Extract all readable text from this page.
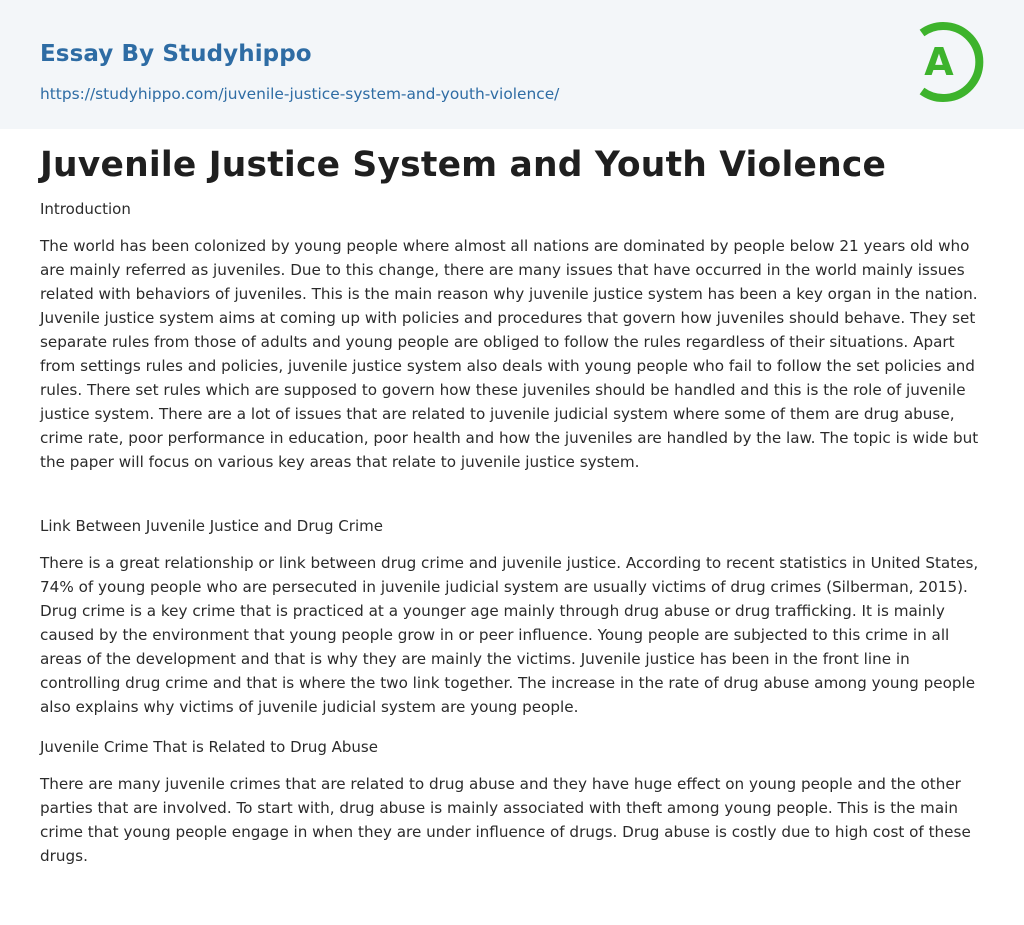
Essay By Studyhippo
https://studyhippo.com/juvenile-justice-system-and-youth-violence/
A
Juvenile Justice System and Youth Violence
Introduction

The world has been colonized by young people where almost all nations are dominated by people below 21 years old who are mainly referred as juveniles. Due to this change, there are many issues that have occurred in the world mainly issues related with behaviors of juveniles. This is the main reason why juvenile justice system has been a key organ in the nation. Juvenile justice system aims at coming up with policies and procedures that govern how juveniles should behave. They set separate rules from those of adults and young people are obliged to follow the rules regardless of their situations. Apart from settings rules and policies, juvenile justice system also deals with young people who fail to follow the set policies and rules. There set rules which are supposed to govern how these juveniles should be handled and this is the role of juvenile justice system. There are a lot of issues that are related to juvenile judicial system where some of them are drug abuse, crime rate, poor performance in education, poor health and how the juveniles are handled by the law. The topic is wide but the paper will focus on various key areas that relate to juvenile justice system.

Link Between Juvenile Justice and Drug Crime

There is a great relationship or link between drug crime and juvenile justice. According to recent statistics in United States, 74% of young people who are persecuted in juvenile judicial system are usually victims of drug crimes (Silberman, 2015). Drug crime is a key crime that is practiced at a younger age mainly through drug abuse or drug trafficking. It is mainly caused by the environment that young people grow in or peer influence. Young people are subjected to this crime in all areas of the development and that is why they are mainly the victims. Juvenile justice has been in the front line in controlling drug crime and that is where the two link together. The increase in the rate of drug abuse among young people also explains why victims of juvenile judicial system are young people.

Juvenile Crime That is Related to Drug Abuse

There are many juvenile crimes that are related to drug abuse and they have huge effect on young people and the other parties that are involved. To start with, drug abuse is mainly associated with theft among young people. This is the main crime that young people engage in when they are under influence of drugs. Drug abuse is costly due to high cost of these drugs.
